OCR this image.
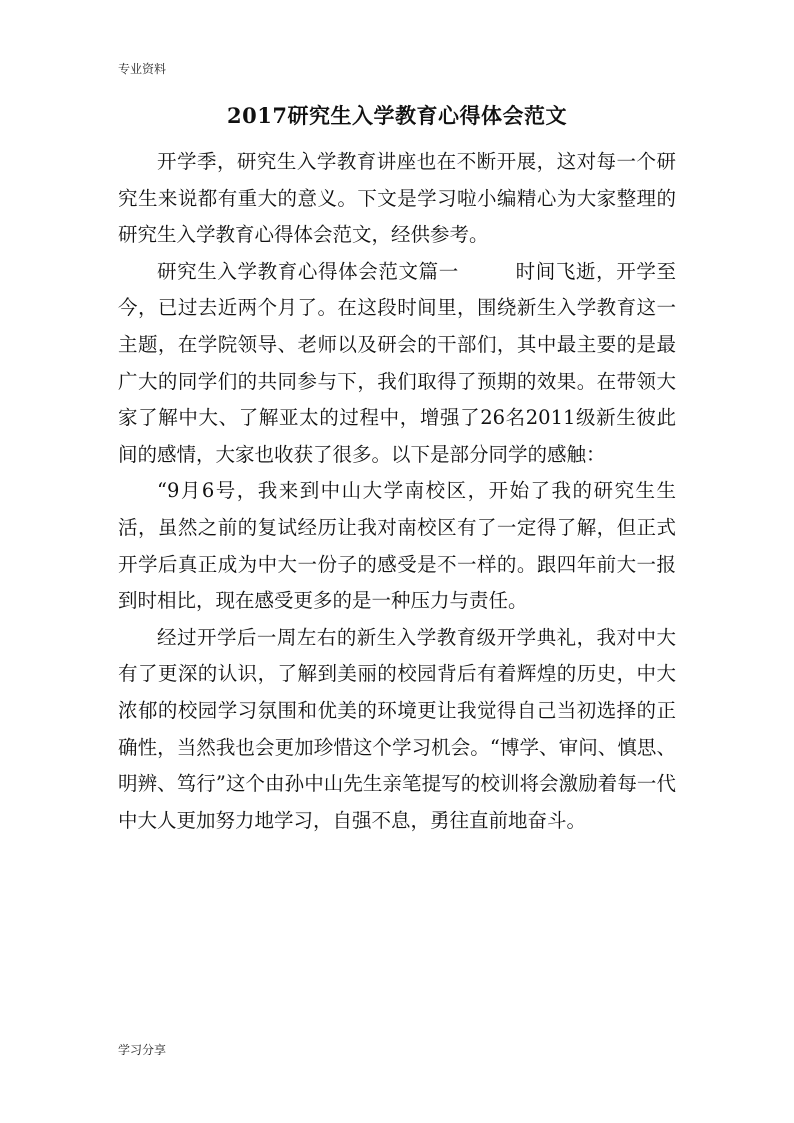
专业资料
2017研究生入学教育心得体会范文

开学季，研究生入学教育讲座也在不断开展，这对每一个研究生来说都有重大的意义。下文是学习啦小编精心为大家整理的研究生入学教育心得体会范文，经供参考。

研究生入学教育心得体会范文篇一	时间飞逝，开学至今，已过去近两个月了。在这段时间里，围绕新生入学教育这一主题，在学院领导、老师以及研会的干部们，其中最主要的是最广大的同学们的共同参与下，我们取得了预期的效果。在带领大家了解中大、了解亚太的过程中，增强了26名2011级新生彼此间的感情，大家也收获了很多。以下是部分同学的感触：

“9月6号，我来到中山大学南校区，开始了我的研究生生活，虽然之前的复试经历让我对南校区有了一定得了解，但正式开学后真正成为中大一份子的感受是不一样的。跟四年前大一报到时相比，现在感受更多的是一种压力与责任。

经过开学后一周左右的新生入学教育级开学典礼，我对中大有了更深的认识，了解到美丽的校园背后有着辉煌的历史，中大浓郁的校园学习氛围和优美的环境更让我觉得自己当初选择的正确性，当然我也会更加珍惜这个学习机会。“博学、审问、慎思、明辨、笃行”这个由孙中山先生亲笔提写的校训将会激励着每一代中大人更加努力地学习，自强不息，勇往直前地奋斗。

学习分享
